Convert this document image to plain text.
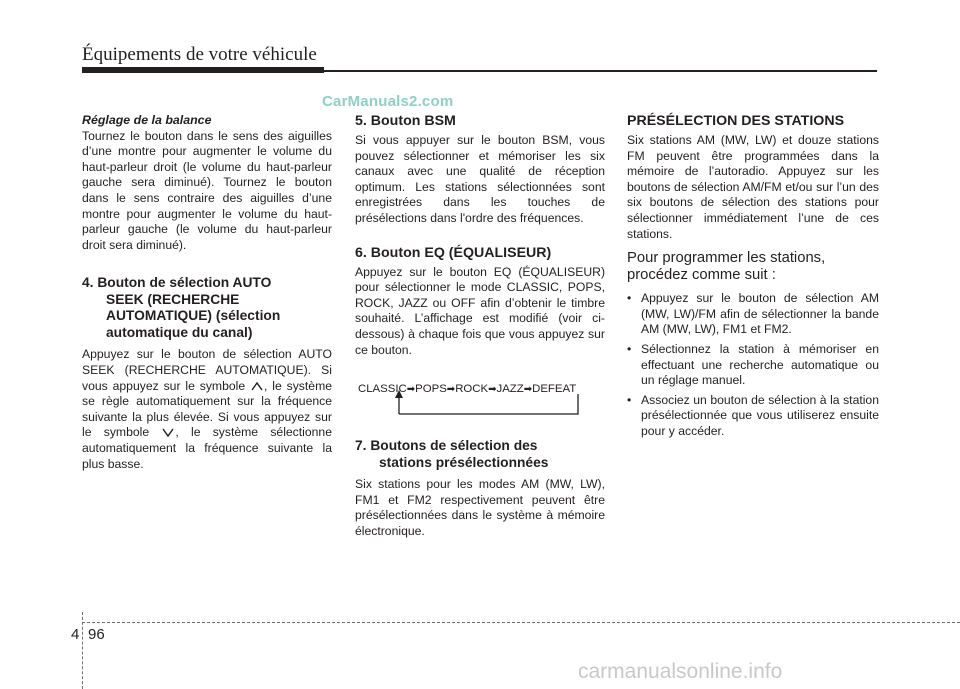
Équipements de votre véhicule
CarManuals2.com

Réglage de la balance

Tournez le bouton dans le sens des aiguilles d’une montre pour augmenter le volume du haut-parleur droit (le volume du haut-parleur gauche sera diminué). Tournez le bouton dans le sens contraire des aiguilles d’une montre pour augmenter le volume du haut-parleur gauche (le volume du haut-parleur droit sera diminué).

4. Bouton de sélection AUTO
SEEK (RECHERCHE
AUTOMATIQUE) (sélection
automatique du canal)

Appuyez sur le bouton de sélection AUTO SEEK (RECHERCHE AUTOMATIQUE). Si vous appuyez sur le symbole , le système se règle automatiquement sur la fréquence suivante la plus élevée. Si vous appuyez sur le symbole , le système sélectionne automatiquement la fréquence suivante la plus basse.

5. Bouton BSM

Si vous appuyer sur le bouton BSM, vous pouvez sélectionner et mémoriser les six canaux avec une qualité de réception optimum. Les stations sélectionnées sont enregistrées dans les touches de présélections dans l'ordre des fréquences.

6. Bouton EQ (ÉQUALISEUR)

Appuyez sur le bouton EQ (ÉQUALISEUR) pour sélectionner le mode CLASSIC, POPS, ROCK, JAZZ ou OFF afin d’obtenir le timbre souhaité. L’affichage est modifié (voir ci-dessous) à chaque fois que vous appuyez sur ce bouton.

CLASSIC➡POPS➡ROCK➡JAZZ➡DEFEAT
7. Boutons de sélection des
stations présélectionnées

Six stations pour les modes AM (MW, LW), FM1 et FM2 respectivement peuvent être présélectionnées dans le système à mémoire électronique.

PRÉSÉLECTION DES STATIONS

Six stations AM (MW, LW) et douze stations FM peuvent être programmées dans la mémoire de l’autoradio. Appuyez sur les boutons de sélection AM/FM et/ou sur l’un des six boutons de sélection des stations pour sélectionner immédiatement l’une de ces stations.

Pour programmer les stations, procédez comme suit :

• Appuyez sur le bouton de sélection AM (MW, LW)/FM afin de sélectionner la bande AM (MW, LW), FM1 et FM2.
• Sélectionnez la station à mémoriser en effectuant une recherche automatique ou un réglage manuel.
• Associez un bouton de sélection à la station présélectionnée que vous utiliserez ensuite pour y accéder.
4 96
carmanualsonline.info
